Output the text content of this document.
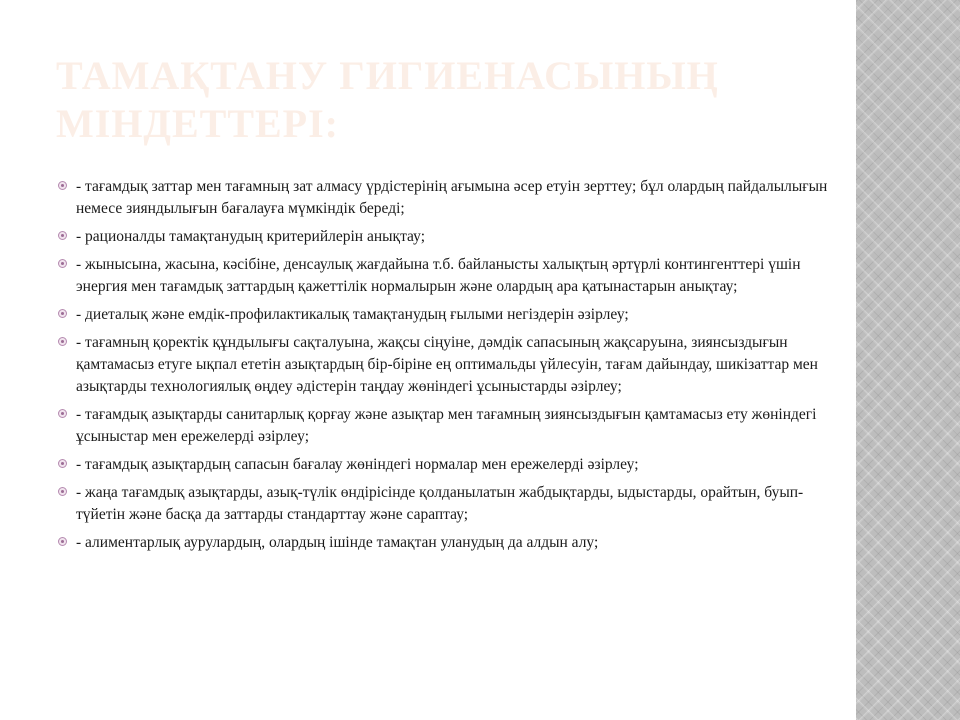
ТАМАҚТАНУ ГИГИЕНАСЫНЫҢ МІНДЕТТЕРІ:
- тағамдық заттар мен тағамның зат алмасу үрдістерінің ағымына әсер етуін зерттеу; бұл олардың пайдалылығын немесе зияндылығын бағалауға мүмкіндік береді;
- рационалды тамақтанудың критерийлерін анықтау;
- жынысына, жасына, кәсібіне, денсаулық жағдайына т.б. байланысты халықтың әртүрлі контингенттері үшін энергия мен тағамдық заттардың қажеттілік нормалырын және олардың ара қатынастарын анықтау;
- диеталық және емдік-профилактикалық тамақтанудың ғылыми негіздерін әзірлеу;
- тағамның қоректік құндылығы сақталуына, жақсы сіңуіне, дәмдік сапасының жақсаруына, зиянсыздығын қамтамасыз етуге ықпал ететін азықтардың бір-біріне ең оптимальды үйлесуін, тағам дайындау, шикізаттар мен азықтарды технологиялық өңдеу әдістерін таңдау жөніндегі ұсыныстарды әзірлеу;
- тағамдық азықтарды санитарлық қорғау және азықтар мен тағамның зиянсыздығын қамтамасыз ету жөніндегі ұсыныстар мен ережелерді әзірлеу;
- тағамдық азықтардың сапасын бағалау жөніндегі нормалар мен ережелерді әзірлеу;
- жаңа тағамдық азықтарды, азық-түлік өндірісінде қолданылатын жабдықтарды, ыдыстарды, орайтын, буып-түйетін және басқа да заттарды стандарттау және сараптау;
- алиментарлық аурулардың, олардың ішінде тамақтан уланудың да алдын алу;
